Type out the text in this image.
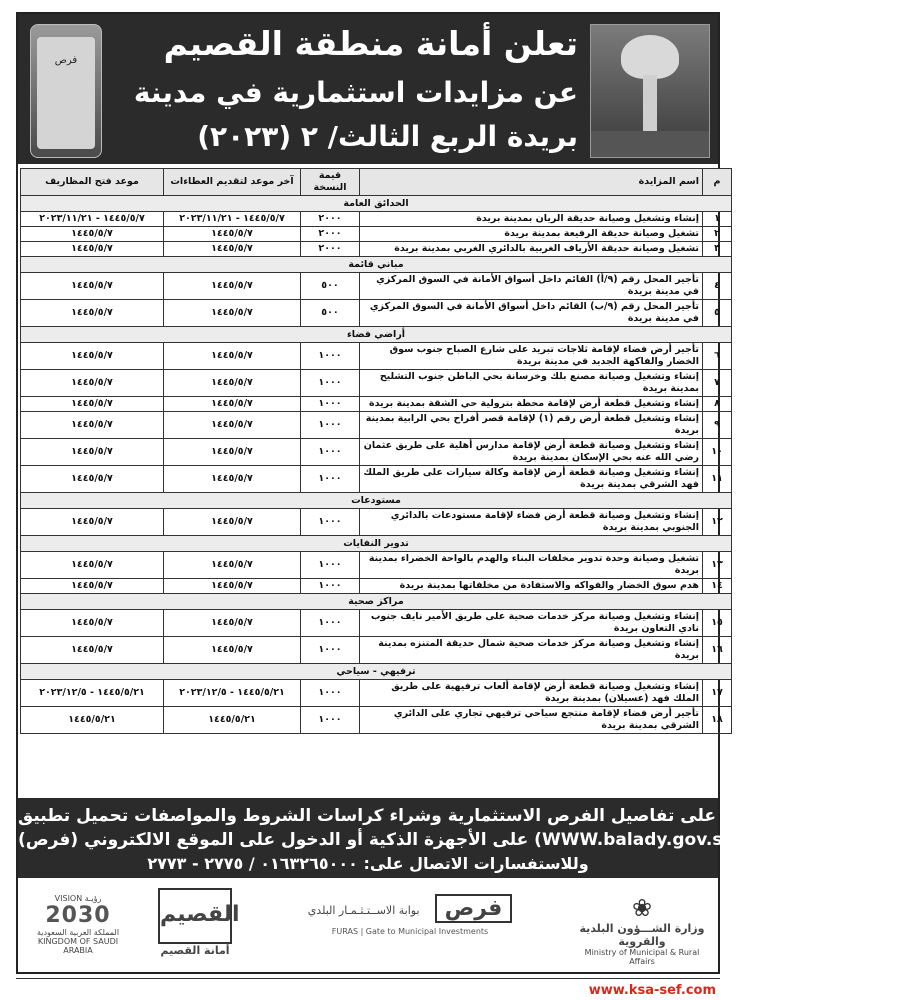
فرص	تعلن أمانة منطقة القصيم
عن مزايدات استثمارية في مدينة
بريدة الربع الثالث/ ٢ (٢٠٢٣)
م	اسم المزايدة	قيمة النسخة	آخر موعد لتقديم العطاءات	موعد فتح المظاريف
الحدائق العامة				
١	إنشاء وتشغيل وصيانة حديقة الريان بمدينة بريدة	٢٠٠٠	١٤٤٥/٥/٧ - ٢٠٢٣/١١/٢١	١٤٤٥/٥/٧ - ٢٠٢٣/١١/٢١
٢	تشغيل وصيانة حديقة الرفيعة بمدينة بريدة	٢٠٠٠	١٤٤٥/٥/٧	١٤٤٥/٥/٧
٣	تشغيل وصيانة حديقة الأرياف الغربية بالدائري الغربي بمدينة بريدة	٢٠٠٠	١٤٤٥/٥/٧	١٤٤٥/٥/٧
مباني قائمة				
٤	تأجير المحل رقم (٩/أ) القائم داخل أسواق الأمانة في السوق المركزي في مدينة بريدة	٥٠٠	١٤٤٥/٥/٧	١٤٤٥/٥/٧
٥	تأجير المحل رقم (٩/ب) القائم داخل أسواق الأمانة في السوق المركزي في مدينة بريدة	٥٠٠	١٤٤٥/٥/٧	١٤٤٥/٥/٧
أراضي فضاء				
٦	تأجير أرض فضاء لإقامة ثلاجات تبريد على شارع الصباح جنوب سوق الخضار والفاكهة الجديد في مدينة بريدة	١٠٠٠	١٤٤٥/٥/٧	١٤٤٥/٥/٧
٧	إنشاء وتشغيل وصيانة مصنع بلك وخرسانة بحي الباطن جنوب التشليح بمدينة بريدة	١٠٠٠	١٤٤٥/٥/٧	١٤٤٥/٥/٧
٨	إنشاء وتشغيل قطعة أرض لإقامة محطة بترولية حي الشقة بمدينة بريدة	١٠٠٠	١٤٤٥/٥/٧	١٤٤٥/٥/٧
٩	إنشاء وتشغيل قطعة أرض رقم (١) لإقامة قصر أفراح بحي الرابية بمدينة بريدة	١٠٠٠	١٤٤٥/٥/٧	١٤٤٥/٥/٧
١٠	إنشاء وتشغيل وصيانة قطعة أرض لإقامة مدارس أهلية على طريق عثمان رضي الله عنه بحي الإسكان بمدينة بريدة	١٠٠٠	١٤٤٥/٥/٧	١٤٤٥/٥/٧
١١	إنشاء وتشغيل وصيانة قطعة أرض لإقامة وكالة سيارات على طريق الملك فهد الشرقي بمدينة بريدة	١٠٠٠	١٤٤٥/٥/٧	١٤٤٥/٥/٧
مستودعات				
١٢	إنشاء وتشغيل وصيانة قطعة أرض فضاء لإقامة مستودعات بالدائري الجنوبي بمدينة بريدة	١٠٠٠	١٤٤٥/٥/٧	١٤٤٥/٥/٧
تدوير النفايات				
١٣	تشغيل وصيانة وحدة تدوير مخلفات البناء والهدم بالواحة الخضراء بمدينة بريدة	١٠٠٠	١٤٤٥/٥/٧	١٤٤٥/٥/٧
١٤	هدم سوق الخضار والفواكه والاستفادة من مخلفاتها بمدينة بريدة	١٠٠٠	١٤٤٥/٥/٧	١٤٤٥/٥/٧
مراكز صحية				
١٥	إنشاء وتشغيل وصيانة مركز خدمات صحية على طريق الأمير نايف جنوب نادي التعاون بريدة	١٠٠٠	١٤٤٥/٥/٧	١٤٤٥/٥/٧
١٦	إنشاء وتشغيل وصيانة مركز خدمات صحية شمال حديقة المتنزه بمدينة بريدة	١٠٠٠	١٤٤٥/٥/٧	١٤٤٥/٥/٧
ترفيهي - سياحي				
١٧	إنشاء وتشغيل وصيانة قطعة أرض لإقامة ألعاب ترفيهية على طريق الملك فهد (عسيلان) بمدينة بريدة	١٠٠٠	١٤٤٥/٥/٢١ - ٢٠٢٣/١٢/٥	١٤٤٥/٥/٢١ - ٢٠٢٣/١٢/٥
١٨	تأجير أرض فضاء لإقامة منتجع سياحي ترفيهي تجاري على الدائري الشرقي بمدينة بريدة	١٠٠٠	١٤٤٥/٥/٢١	١٤٤٥/٥/٢١
فعلى الراغبين الاطلاع على تفاصيل الفرص الاستثمارية وشراء كراسات الشروط والمواصفات تحميل تطبيق
(فرص) على الأجهزة الذكية أو الدخول على الموقع الالكتروني (WWW.balady.gov.sa)
وللاستفسارات الاتصال على: ٠١٦٣٢٦٥٠٠٠ / ٢٧٧٥ - ٢٧٧٣
❀
وزارة الشـــؤون البلدية والقروية
Ministry of Municipal & Rural Affairs
بوابة الاســتـثـمـار البلدي فرص
FURAS | Gate to Municipal Investments
القصيم
أمانة القصيم
VISION رؤيـة
2030
المملكة العربية السعودية KINGDOM OF SAUDI ARABIA
www.ksa-sef.com
